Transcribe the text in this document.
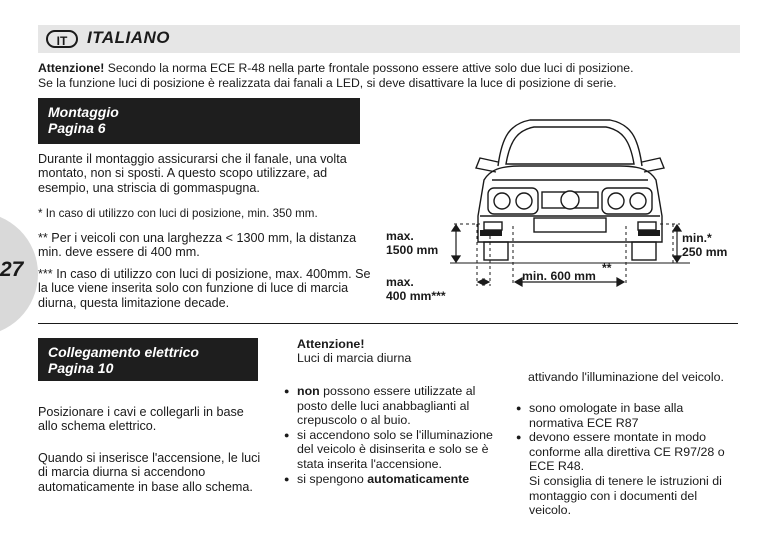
IT	ITALIANO
Attenzione! Secondo la norma ECE R-48 nella parte frontale possono essere attive solo due luci di posizione.
Se la funzione luci di posizione è realizzata dai fanali a LED, si deve disattivare la luce di posizione di serie.
27
Montaggio
Pagina 6
Durante il montaggio assicurarsi che il fanale, una volta montato, non si sposti. A questo scopo utilizzare, ad esempio, una striscia di gommaspugna.
* In caso di utilizzo con luci di posizione, min. 350 mm.
** Per i veicoli con una larghezza < 1300 mm, la distanza min. deve essere di 400 mm.
*** In caso di utilizzo con luci di posizione, max. 400mm. Se la luce viene inserita solo con funzione di luce di marcia diurna, questa limitazione decade.
max.
1500 mm
max.
400 mm***
min. 600 mm
**
min.*
250 mm
Collegamento elettrico
Pagina 10
Posizionare i cavi e collegarli in base allo schema elettrico.
Quando si inserisce l'accensione, le luci di marcia diurna si accendono automaticamente in base allo schema.
Attenzione!
Luci di marcia diurna
● non possono essere utilizzate al posto delle luci anabbaglianti al crepuscolo o al buio.
● si accendono solo se l'illuminazione del veicolo è disinserita e solo se è stata inserita l'accensione.
● si spengono automaticamente
attivando l'illuminazione del veicolo.
● sono omologate in base alla normativa ECE R87
● devono essere montate in modo conforme alla direttiva CE R97/28 o ECE R48.
Si consiglia di tenere le istruzioni di montaggio con i documenti del veicolo.
